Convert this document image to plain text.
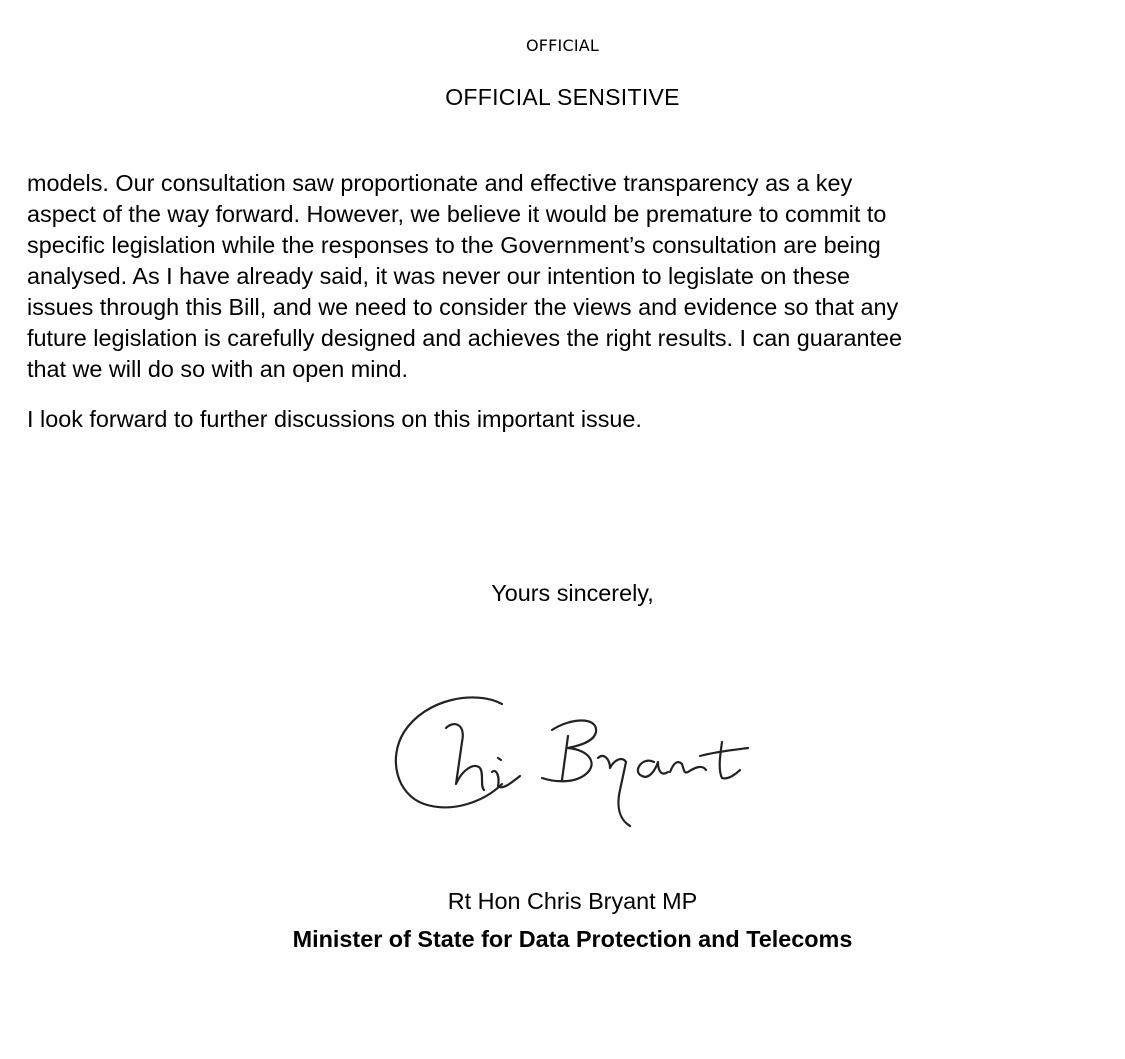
OFFICIAL
OFFICIAL SENSITIVE

models. Our consultation saw proportionate and effective transparency as a key
aspect of the way forward. However, we believe it would be premature to commit to
specific legislation while the responses to the Government’s consultation are being
analysed. As I have already said, it was never our intention to legislate on these
issues through this Bill, and we need to consider the views and evidence so that any
future legislation is carefully designed and achieves the right results. I can guarantee
that we will do so with an open mind.

I look forward to further discussions on this important issue.

Yours sincerely,
Rt Hon Chris Bryant MP
Minister of State for Data Protection and Telecoms
